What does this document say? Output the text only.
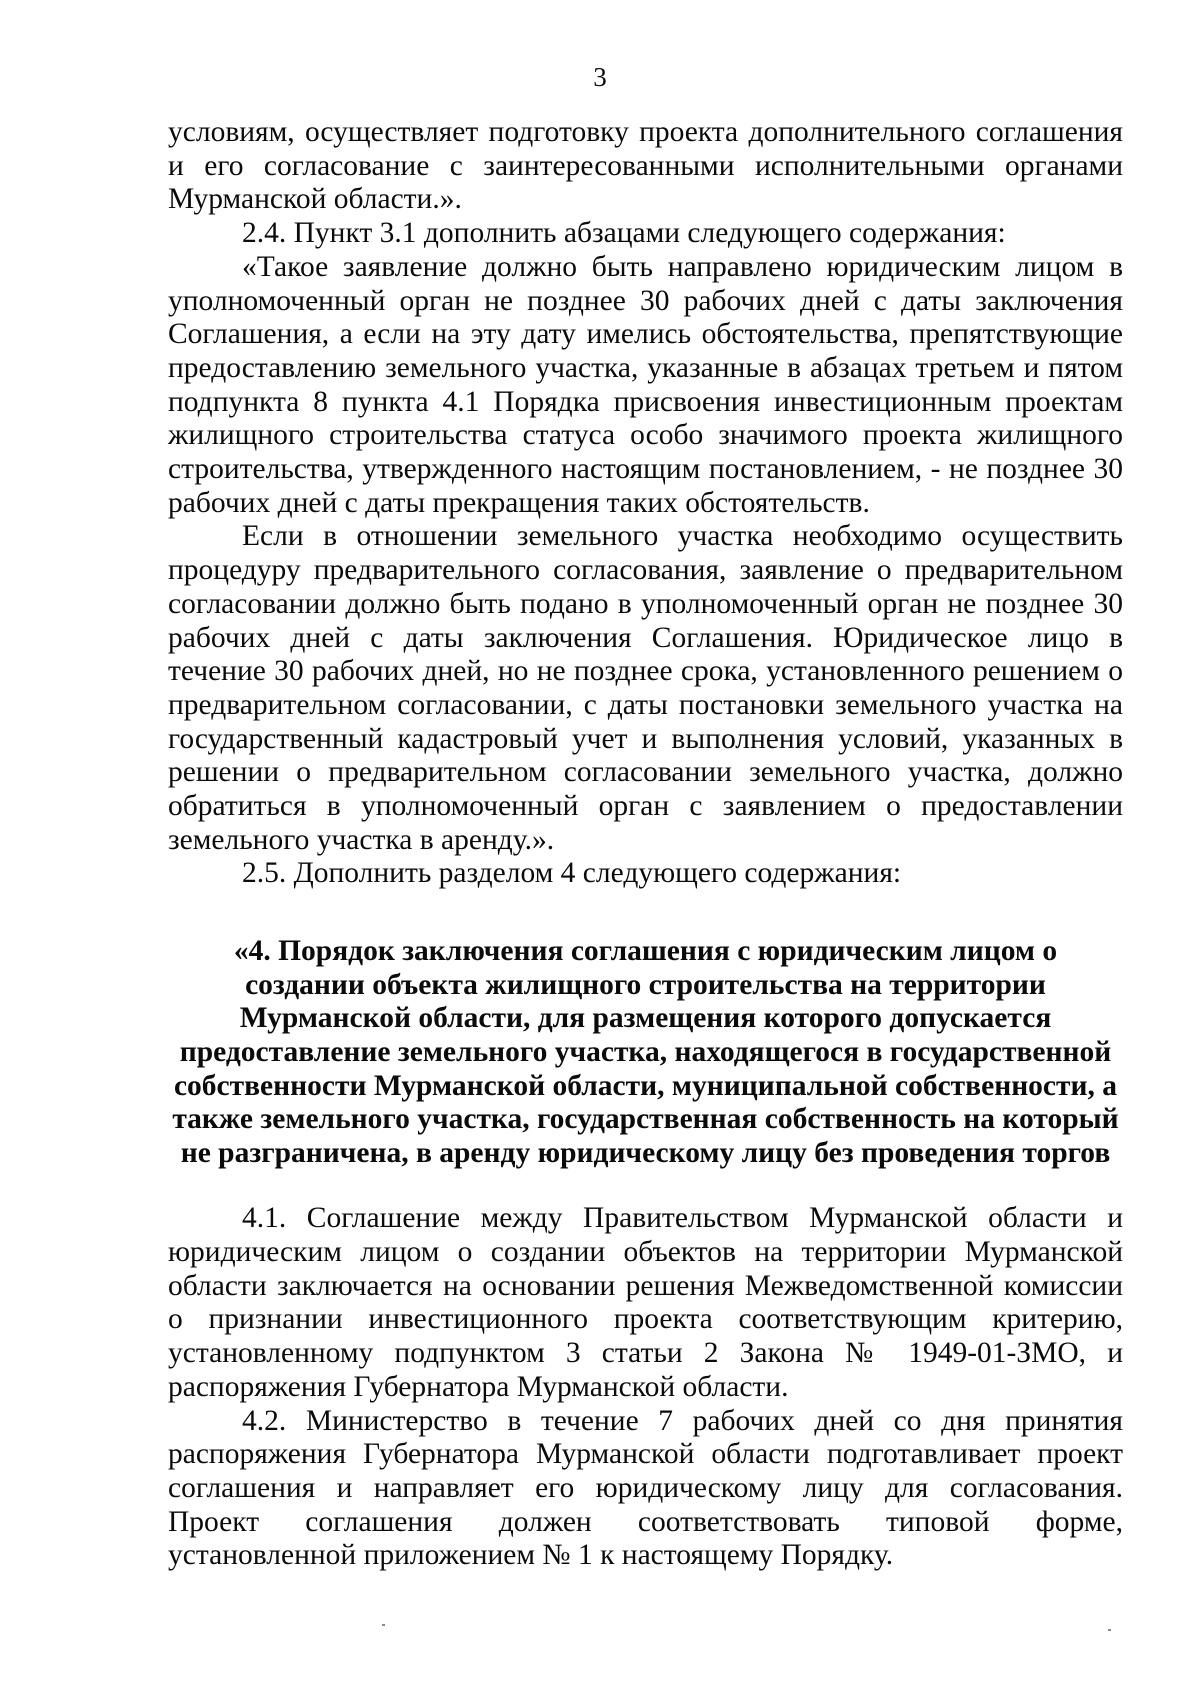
3

условиям, осуществляет подготовку проекта дополнительного соглашения и его согласование с заинтересованными исполнительными органами Мурманской области.».

2.4. Пункт 3.1 дополнить абзацами следующего содержания:

«Такое заявление должно быть направлено юридическим лицом в уполномоченный орган не позднее 30 рабочих дней с даты заключения Соглашения, а если на эту дату имелись обстоятельства, препятствующие предоставлению земельного участка, указанные в абзацах третьем и пятом подпункта 8 пункта 4.1 Порядка присвоения инвестиционным проектам жилищного строительства статуса особо значимого проекта жилищного строительства, утвержденного настоящим постановлением, - не позднее 30 рабочих дней с даты прекращения таких обстоятельств.

Если в отношении земельного участка необходимо осуществить процедуру предварительного согласования, заявление о предварительном согласовании должно быть подано в уполномоченный орган не позднее 30 рабочих дней с даты заключения Соглашения. Юридическое лицо в течение 30 рабочих дней, но не позднее срока, установленного решением о предварительном согласовании, с даты постановки земельного участка на государственный кадастровый учет и выполнения условий, указанных в решении о предварительном согласовании земельного участка, должно обратиться в уполномоченный орган с заявлением о предоставлении земельного участка в аренду.».

2.5. Дополнить разделом 4 следующего содержания:

«4. Порядок заключения соглашения с юридическим лицом о создании объекта жилищного строительства на территории Мурманской области, для размещения которого допускается предоставление земельного участка, находящегося в государственной собственности Мурманской области, муниципальной собственности, а также земельного участка, государственная собственность на который не разграничена, в аренду юридическому лицу без проведения торгов

4.1. Соглашение между Правительством Мурманской области и юридическим лицом о создании объектов на территории Мурманской области заключается на основании решения Межведомственной комиссии о признании инвестиционного проекта соответствующим критерию, установленному подпунктом 3 статьи 2 Закона № 1949-01-ЗМО, и распоряжения Губернатора Мурманской области.

4.2. Министерство в течение 7 рабочих дней со дня принятия распоряжения Губернатора Мурманской области подготавливает проект соглашения и направляет его юридическому лицу для согласования. Проект соглашения должен соответствовать типовой форме, установленной приложением № 1 к настоящему Порядку.
